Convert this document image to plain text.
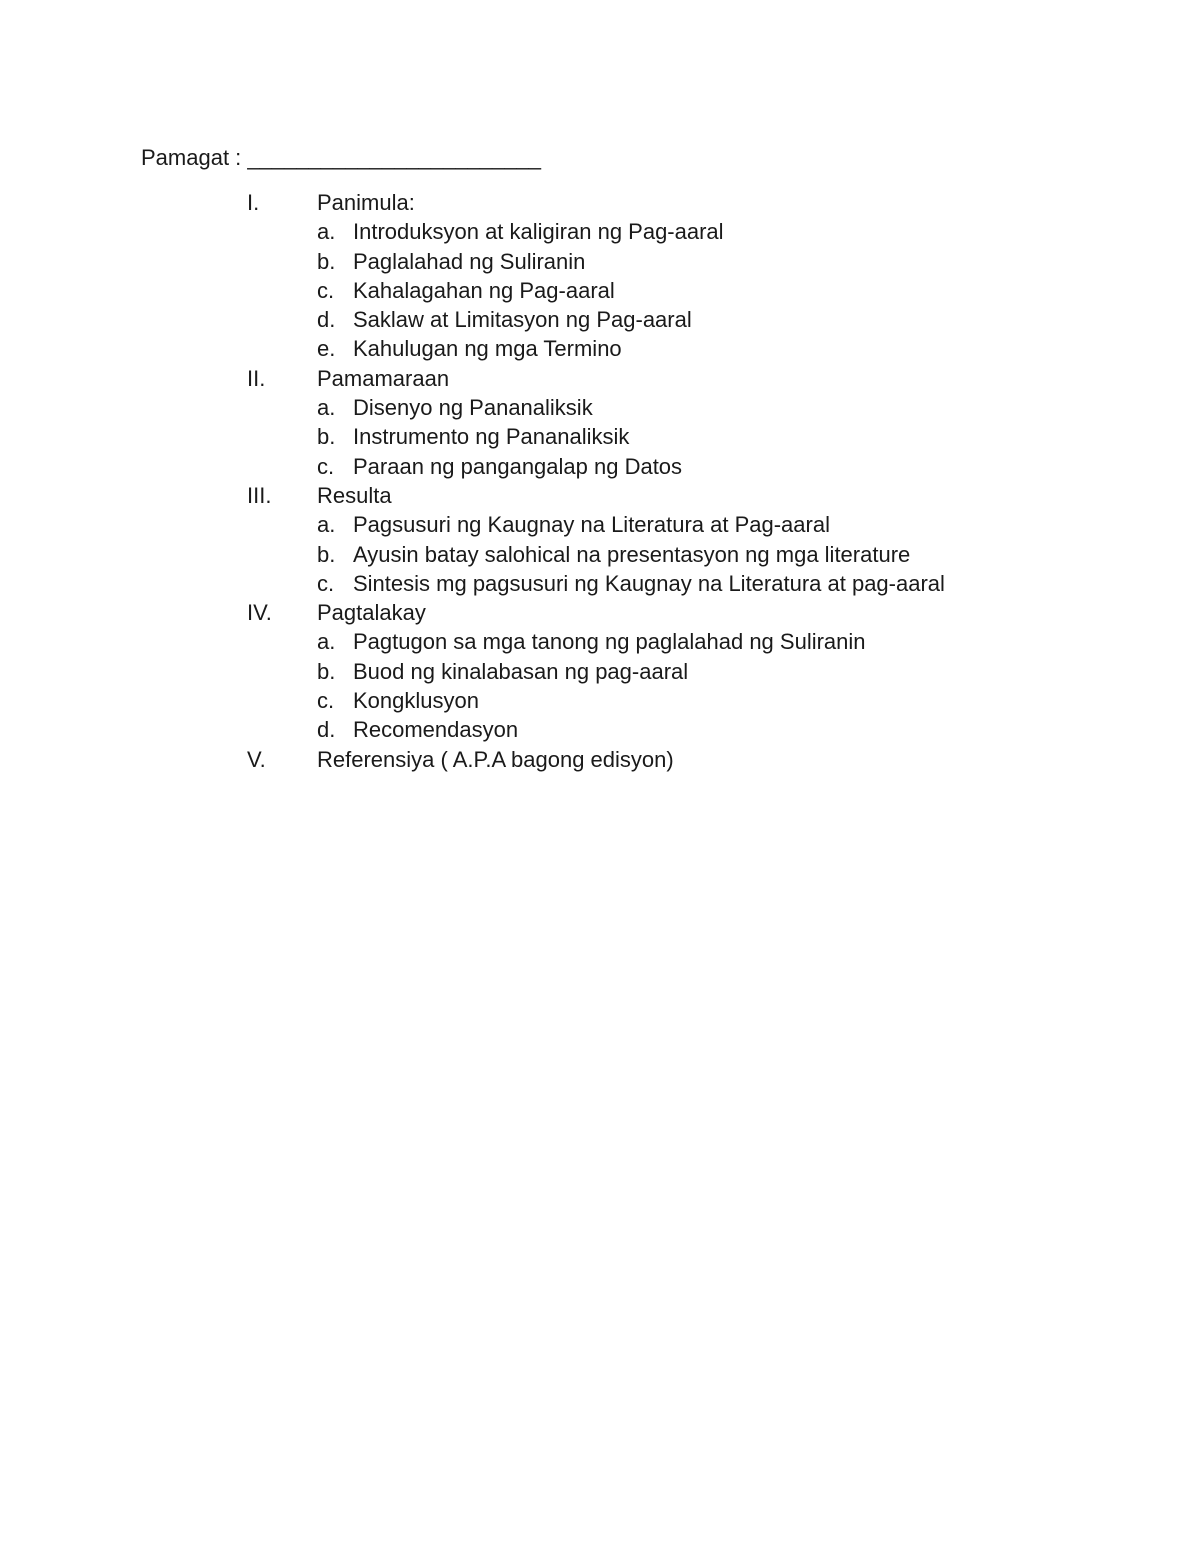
Pamagat : ________________________
I.	Panimula:
a. Introduksyon at kaligiran ng Pag-aaral
b. Paglalahad ng Suliranin
c. Kahalagahan ng Pag-aaral
d. Saklaw at Limitasyon ng Pag-aaral
e. Kahulugan ng mga Termino
II. Pamamaraan
a. Disenyo ng Pananaliksik
b. Instrumento ng Pananaliksik
c. Paraan ng pangangalap ng Datos
III. Resulta
a. Pagsusuri ng Kaugnay na Literatura at Pag-aaral
b. Ayusin batay salohical na presentasyon ng mga literature
c. Sintesis mg pagsusuri ng Kaugnay na Literatura at pag-aaral
IV. Pagtalakay
a. Pagtugon sa mga tanong ng paglalahad ng Suliranin
b. Buod ng kinalabasan ng pag-aaral
c. Kongklusyon
d. Recomendasyon
V. Referensiya ( A.P.A bagong edisyon)
